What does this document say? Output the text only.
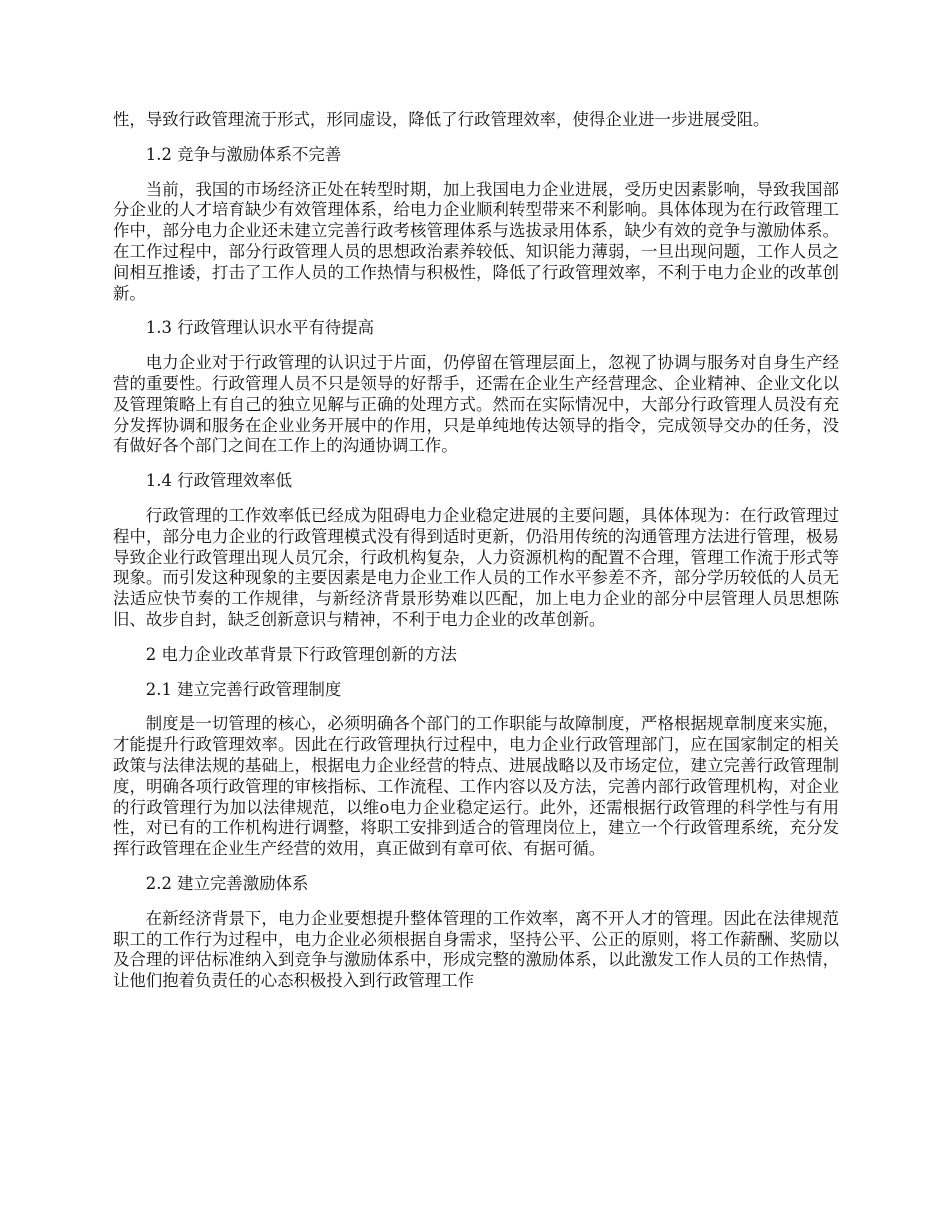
性，导致行政管理流于形式，形同虚设，降低了行政管理效率，使得企业进一步进展受阻。

1.2 竞争与激励体系不完善

当前，我国的市场经济正处在转型时期，加上我国电力企业进展，受历史因素影响，导致我国部分企业的人才培育缺少有效管理体系，给电力企业顺利转型带来不利影响。具体体现为在行政管理工作中，部分电力企业还未建立完善行政考核管理体系与选拔录用体系，缺少有效的竞争与激励体系。在工作过程中，部分行政管理人员的思想政治素养较低、知识能力薄弱，一旦出现问题，工作人员之间相互推诿，打击了工作人员的工作热情与积极性，降低了行政管理效率，不利于电力企业的改革创新。

1.3 行政管理认识水平有待提高

电力企业对于行政管理的认识过于片面，仍停留在管理层面上，忽视了协调与服务对自身生产经营的重要性。行政管理人员不只是领导的好帮手，还需在企业生产经营理念、企业精神、企业文化以及管理策略上有自己的独立见解与正确的处理方式。然而在实际情况中，大部分行政管理人员没有充分发挥协调和服务在企业业务开展中的作用，只是单纯地传达领导的指令，完成领导交办的任务，没有做好各个部门之间在工作上的沟通协调工作。

1.4 行政管理效率低

行政管理的工作效率低已经成为阻碍电力企业稳定进展的主要问题，具体体现为：在行政管理过程中，部分电力企业的行政管理模式没有得到适时更新，仍沿用传统的沟通管理方法进行管理，极易导致企业行政管理出现人员冗余，行政机构复杂，人力资源机构的配置不合理，管理工作流于形式等现象。而引发这种现象的主要因素是电力企业工作人员的工作水平参差不齐，部分学历较低的人员无法适应快节奏的工作规律，与新经济背景形势难以匹配，加上电力企业的部分中层管理人员思想陈旧、故步自封，缺乏创新意识与精神，不利于电力企业的改革创新。

2 电力企业改革背景下行政管理创新的方法

2.1 建立完善行政管理制度

制度是一切管理的核心，必须明确各个部门的工作职能与故障制度，严格根据规章制度来实施，才能提升行政管理效率。因此在行政管理执行过程中，电力企业行政管理部门，应在国家制定的相关政策与法律法规的基础上，根据电力企业经营的特点、进展战略以及市场定位，建立完善行政管理制度，明确各项行政管理的审核指标、工作流程、工作内容以及方法，完善内部行政管理机构，对企业的行政管理行为加以法律规范，以维o电力企业稳定运行。此外，还需根据行政管理的科学性与有用性，对已有的工作机构进行调整，将职工安排到适合的管理岗位上，建立一个行政管理系统，充分发挥行政管理在企业生产经营的效用，真正做到有章可依、有据可循。

2.2 建立完善激励体系

在新经济背景下，电力企业要想提升整体管理的工作效率，离不开人才的管理。因此在法律规范职工的工作行为过程中，电力企业必须根据自身需求，坚持公平、公正的原则，将工作薪酬、奖励以及合理的评估标准纳入到竞争与激励体系中，形成完整的激励体系，以此激发工作人员的工作热情，让他们抱着负责任的心态积极投入到行政管理工作
